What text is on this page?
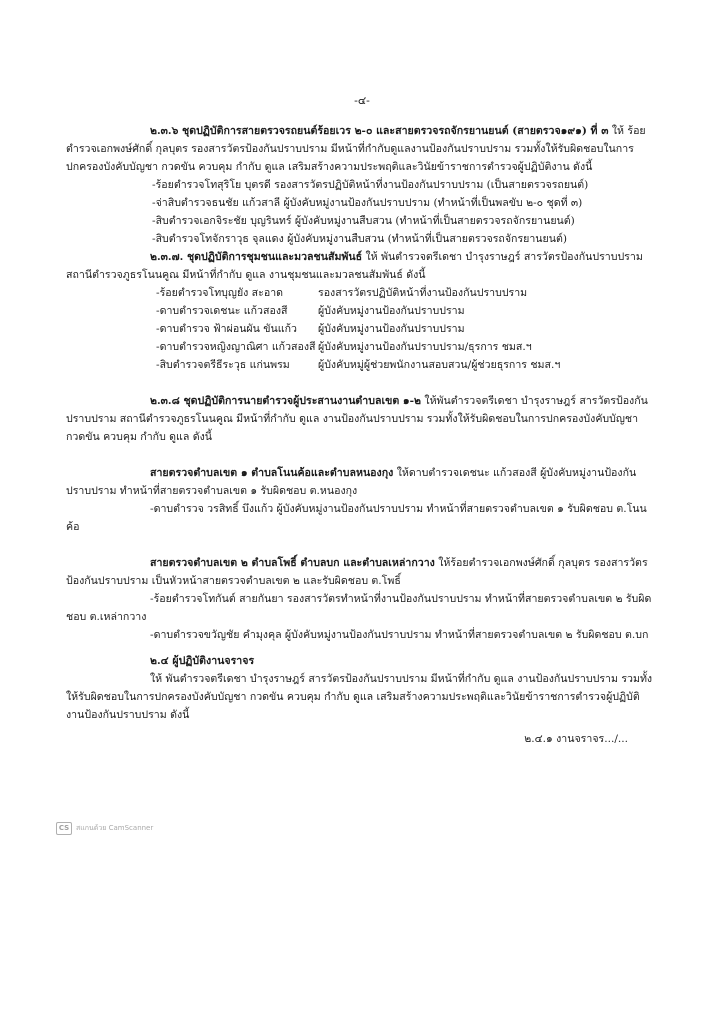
-๔-

๒.๓.๖ ชุดปฏิบัติการสายตรวจรถยนต์ร้อยเวร ๒-๐ และสายตรวจรถจักรยานยนต์ (สายตรวจ๑๙๑) ที่ ๓ ให้ ร้อยตำรวจเอกพงษ์ศักดิ์ กุลบุตร รองสารวัตรป้องกันปราบปราม มีหน้าที่กำกับดูแลงานป้องกันปราบปราม รวมทั้งให้รับผิดชอบในการปกครองบังคับบัญชา กวดขัน ควบคุม กำกับ ดูแล เสริมสร้างความประพฤติและวินัยข้าราชการตำรวจผู้ปฏิบัติงาน ดังนี้

-ร้อยตำรวจโทสุริโย บุตรดี รองสารวัตรปฏิบัติหน้าที่งานป้องกันปราบปราม (เป็นสายตรวจรถยนต์)

-จ่าสิบตำรวจธนชัย แก้วสาลี ผู้บังคับหมู่งานป้องกันปราบปราม (ทำหน้าที่เป็นพลขับ ๒-๐ ชุดที่ ๓)

-สิบตำรวจเอกจิระชัย บุญรินทร์ ผู้บังคับหมู่งานสืบสวน (ทำหน้าที่เป็นสายตรวจรถจักรยานยนต์)

-สิบตำรวจโทจักราวุธ จุลแดง ผู้บังคับหมู่งานสืบสวน (ทำหน้าที่เป็นสายตรวจรถจักรยานยนต์)

๒.๓.๗. ชุดปฏิบัติการชุมชนและมวลชนสัมพันธ์ ให้ พันตำรวจตรีเดชา บำรุงราษฎร์ สารวัตรป้องกันปราบปราม สถานีตำรวจภูธรโนนคูณ มีหน้าที่กำกับ ดูแล งานชุมชนและมวลชนสัมพันธ์ ดังนี้

-ร้อยตำรวจโทบุญยัง สะอาด	รองสารวัตรปฏิบัติหน้าที่งานป้องกันปราบปราม
-ดาบตำรวจเดชนะ แก้วสองสี	ผู้บังคับหมู่งานป้องกันปราบปราม
-ดาบตำรวจ ฟ้าผ่อนผัน ขันแก้ว	ผู้บังคับหมู่งานป้องกันปราบปราม
-ดาบตำรวจหญิงญาณิศา แก้วสองสี ผู้บังคับหมู่งานป้องกันปราบปราม/ธุรการ ชมส.ฯ
-สิบตำรวจตรีธีระวุธ แก่นพรม	ผู้บังคับหมู่ผู้ช่วยพนักงานสอบสวน/ผู้ช่วยธุรการ ชมส.ฯ

๒.๓.๘ ชุดปฏิบัติการนายตำรวจผู้ประสานงานตำบลเขต ๑-๒ ให้พันตำรวจตรีเดชา บำรุงราษฎร์ สารวัตรป้องกันปราบปราม สถานีตำรวจภูธรโนนคูณ มีหน้าที่กำกับ ดูแล งานป้องกันปราบปราม รวมทั้งให้รับผิดชอบในการปกครองบังคับบัญชา กวดขัน ควบคุม กำกับ ดูแล ดังนี้

สายตรวจตำบลเขต ๑ ตำบลโนนค้อและตำบลหนองกุง ให้ดาบตำรวจเดชนะ แก้วสองสี ผู้บังคับหมู่งานป้องกันปราบปราม ทำหน้าที่สายตรวจตำบลเขต ๑ รับผิดชอบ ต.หนองกุง

-ดาบตำรวจ วรสิทธิ์ บึงแก้ว ผู้บังคับหมู่งานป้องกันปราบปราม ทำหน้าที่สายตรวจตำบลเขต ๑ รับผิดชอบ ต.โนนค้อ

สายตรวจตำบลเขต ๒ ตำบลโพธิ์ ตำบลบก และตำบลเหล่ากวาง ให้ร้อยตำรวจเอกพงษ์ศักดิ์ กุลบุตร รองสารวัตรป้องกันปราบปราม เป็นหัวหน้าสายตรวจตำบลเขต ๒ และรับผิดชอบ ต.โพธิ์

-ร้อยตำรวจโทกันต์ สายกันยา รองสารวัตรทำหน้าที่งานป้องกันปราบปราม ทำหน้าที่สายตรวจตำบลเขต ๒ รับผิดชอบ ต.เหล่ากวาง

-ดาบตำรวจขวัญชัย คำมุงคุล ผู้บังคับหมู่งานป้องกันปราบปราม ทำหน้าที่สายตรวจตำบลเขต ๒ รับผิดชอบ ต.บก

๒.๔ ผู้ปฏิบัติงานจราจร

ให้ พันตำรวจตรีเดชา บำรุงราษฎร์ สารวัตรป้องกันปราบปราม มีหน้าที่กำกับ ดูแล งานป้องกันปราบปราม รวมทั้งให้รับผิดชอบในการปกครองบังคับบัญชา กวดขัน ควบคุม กำกับ ดูแล เสริมสร้างความประพฤติและวินัยข้าราชการตำรวจผู้ปฏิบัติงานป้องกันปราบปราม ดังนี้

๒.๔.๑ งานจราจร.../...

CS สแกนด้วย CamScanner
